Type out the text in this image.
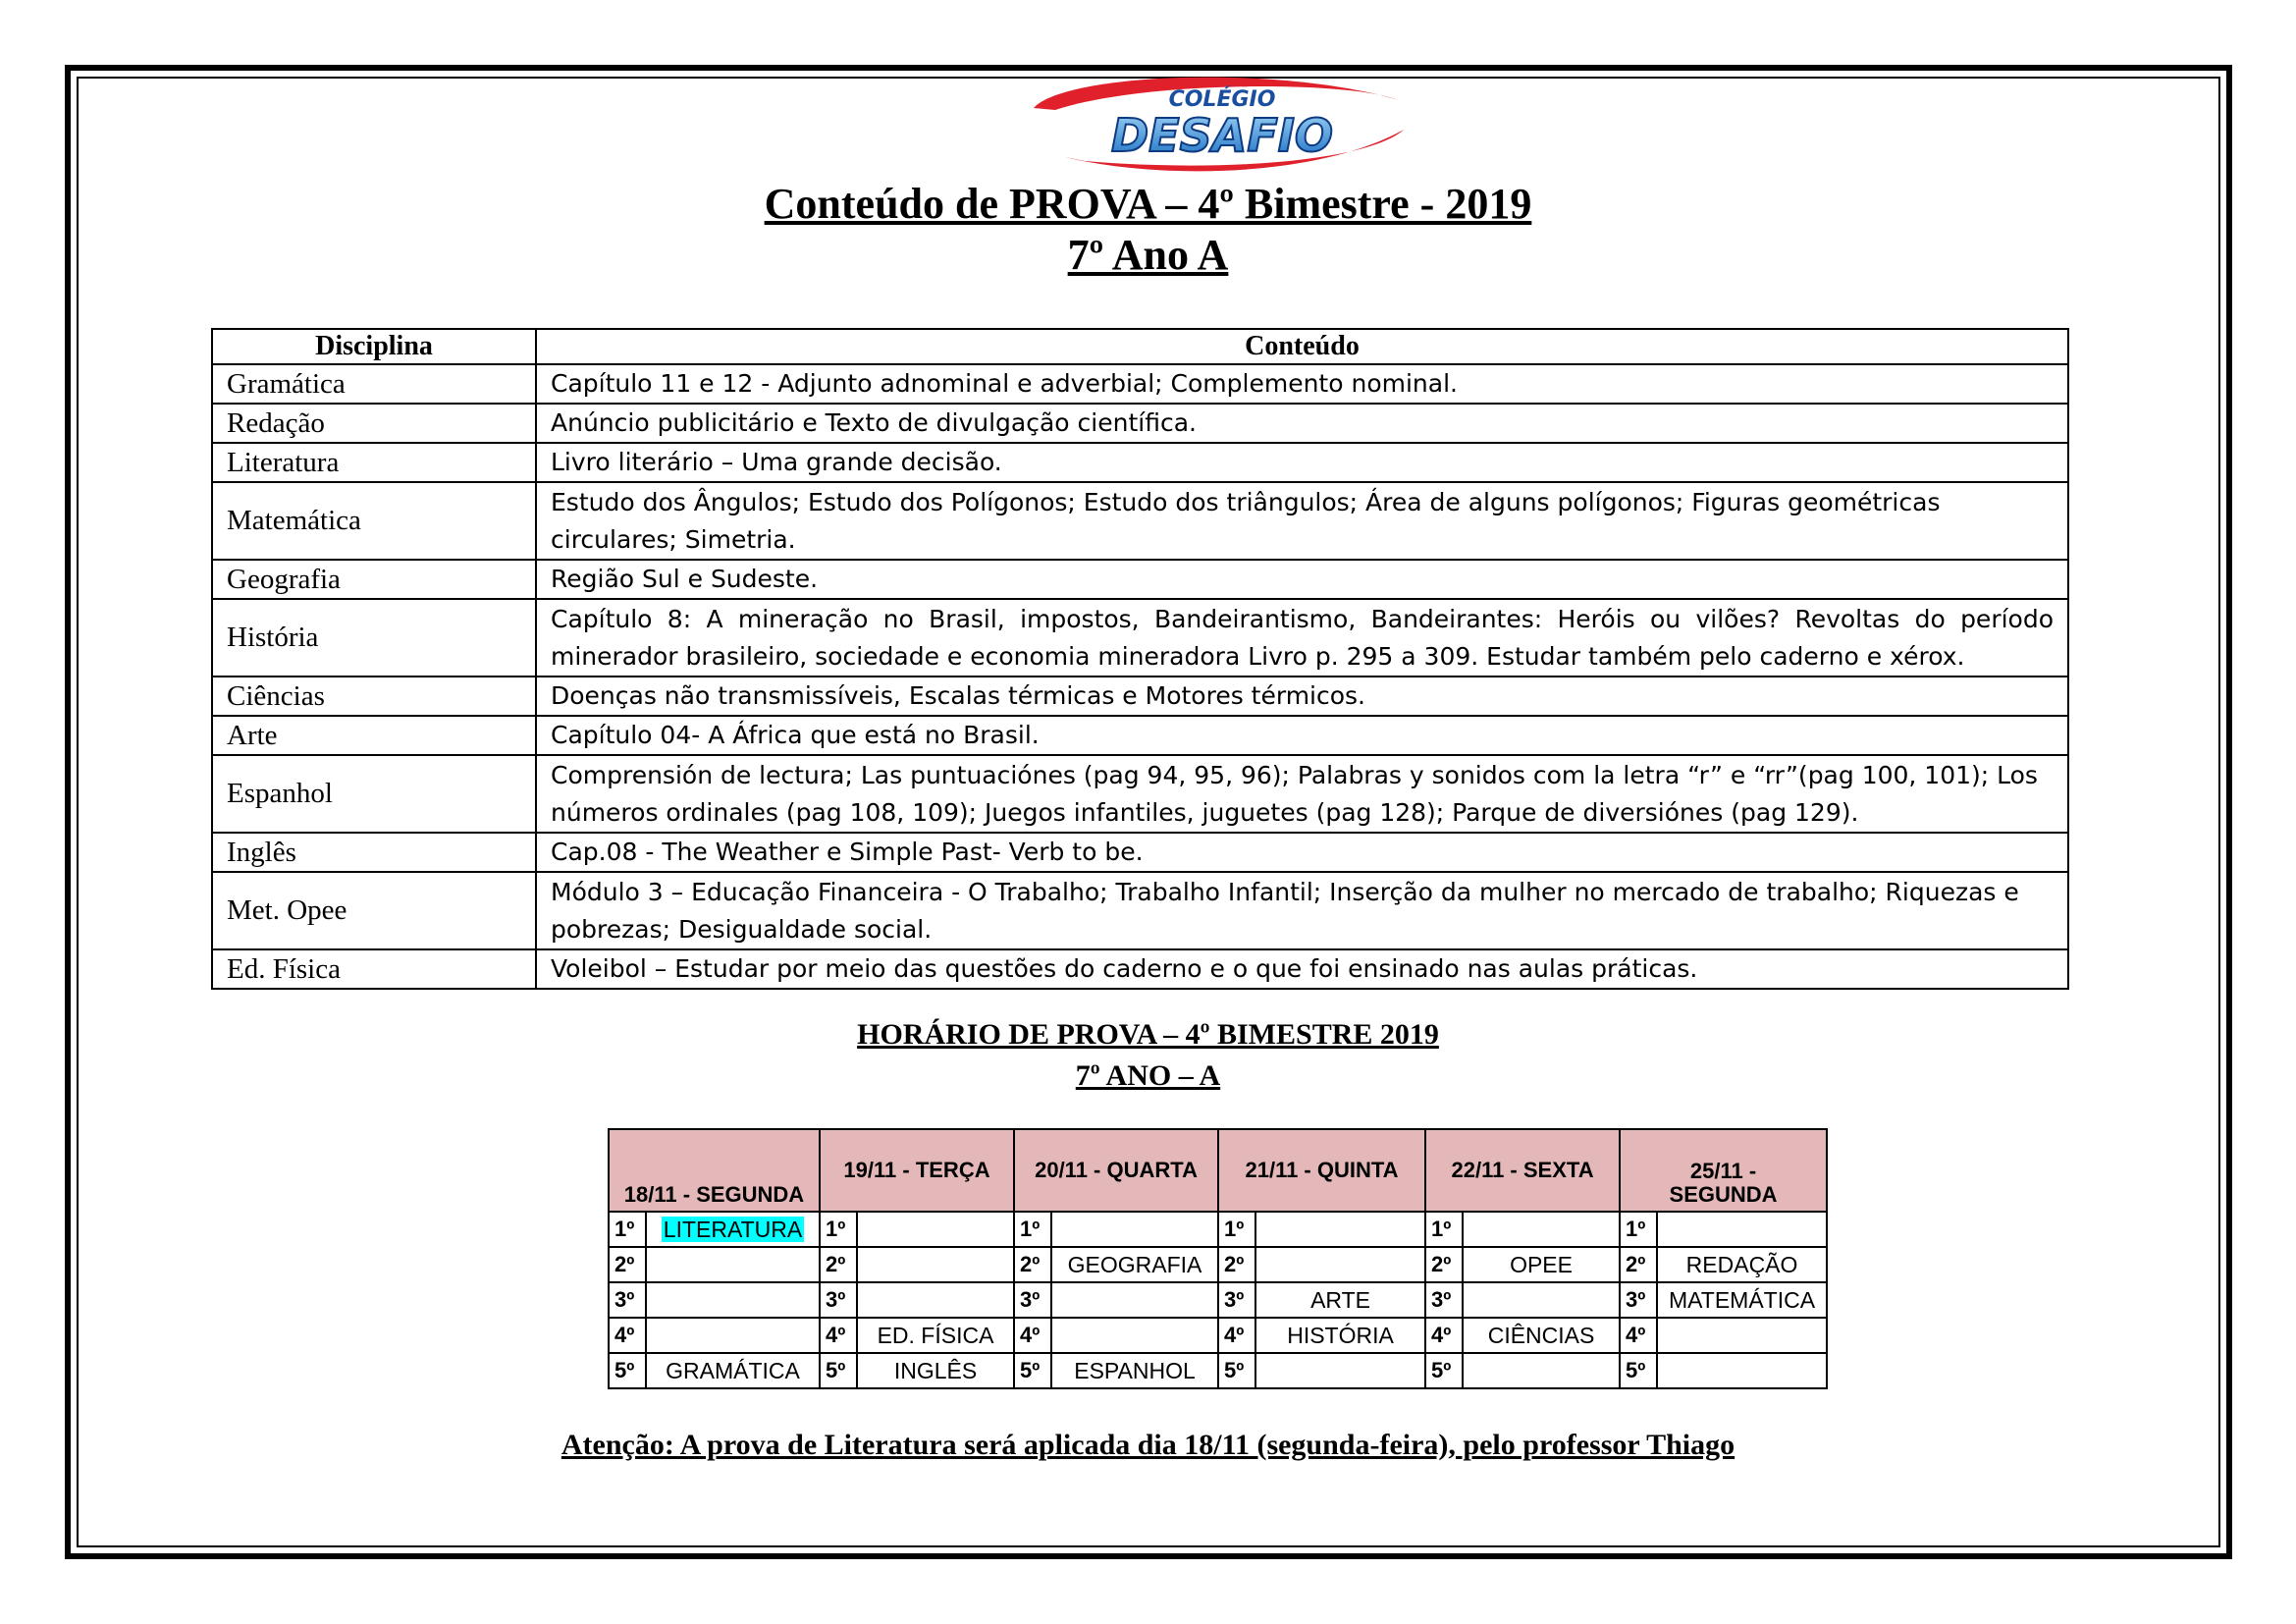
COLÉGIO
DESAFIO

Conteúdo de PROVA – 4º Bimestre - 2019

7º Ano A

Disciplina	Conteúdo
Gramática	Capítulo 11 e 12 - Adjunto adnominal e adverbial; Complemento nominal.
Redação	Anúncio publicitário e Texto de divulgação científica.
Literatura	Livro literário – Uma grande decisão.
Matemática	Estudo dos Ângulos; Estudo dos Polígonos; Estudo dos triângulos; Área de alguns polígonos; Figuras geométricas circulares; Simetria.
Geografia	Região Sul e Sudeste.
História	Capítulo 8: A mineração no Brasil, impostos, Bandeirantismo, Bandeirantes: Heróis ou vilões? Revoltas do período minerador brasileiro, sociedade e economia mineradora Livro p. 295 a 309. Estudar também pelo caderno e xérox.
Ciências	Doenças não transmissíveis, Escalas térmicas e Motores térmicos.
Arte	Capítulo 04- A África que está no Brasil.
Espanhol	Comprensión de lectura; Las puntuaciónes (pag 94, 95, 96); Palabras y sonidos com la letra “r” e “rr”(pag 100, 101); Los números ordinales (pag 108, 109); Juegos infantiles, juguetes (pag 128); Parque de diversiónes (pag 129).
Inglês	Cap.08 - The Weather e Simple Past- Verb to be.
Met. Opee	Módulo 3 – Educação Financeira - O Trabalho; Trabalho Infantil; Inserção da mulher no mercado de trabalho; Riquezas e pobrezas; Desigualdade social.
Ed. Física	Voleibol – Estudar por meio das questões do caderno e o que foi ensinado nas aulas práticas.

HORÁRIO DE PROVA – 4º BIMESTRE 2019

7º ANO – A

18/11 - SEGUNDA		19/11 - TERÇA		20/11 - QUARTA		21/11 - QUINTA		22/11 - SEXTA		25/11 - SEGUNDA	
1º	LITERATURA	1º		1º		1º		1º		1º	
2º		2º		2º	GEOGRAFIA	2º		2º	OPEE	2º	REDAÇÃO
3º		3º		3º		3º	ARTE	3º		3º	MATEMÁTICA
4º		4º	ED. FÍSICA	4º		4º	HISTÓRIA	4º	CIÊNCIAS	4º	
5º	GRAMÁTICA	5º	INGLÊS	5º	ESPANHOL	5º		5º		5º	

Atenção: A prova de Literatura será aplicada dia 18/11 (segunda-feira), pelo professor Thiago
